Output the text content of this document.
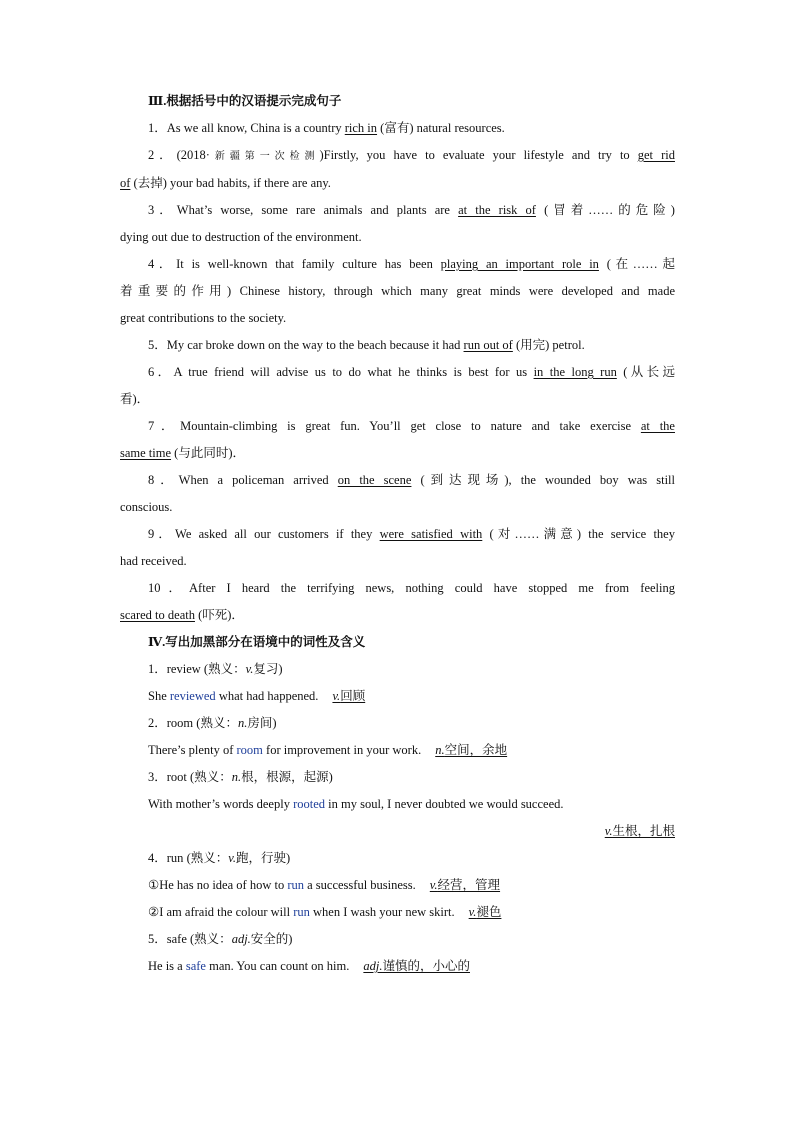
Ⅲ.根据括号中的汉语提示完成句子
1．As we all know, China is a country rich in (富有) natural resources.
2．(2018·新疆第一次检测)Firstly, you have to evaluate your lifestyle and try to get rid
of (去掉) your bad habits, if there are any.
3．What’s worse, some rare animals and plants are at the risk of (冒着……的危险)
dying out due to destruction of the environment.
4．It is well-known that family culture has been playing an important role in (在……起
着重要的作用) Chinese history, through which many great minds were developed and made
great contributions to the society.
5．My car broke down on the way to the beach because it had run out of (用完) petrol.
6．A true friend will advise us to do what he thinks is best for us in the long run (从长远
看)．
7．Mountain-climbing is great fun. You’ll get close to nature and take exercise at the
same time (与此同时)．
8．When a policeman arrived on the scene (到达现场), the wounded boy was still
conscious.
9．We asked all our customers if they were satisfied with (对……满意) the service they
had received.
10．After I heard the terrifying news, nothing could have stopped me from feeling
scared to death (吓死)．
Ⅳ.写出加黑部分在语境中的词性及含义
1．review (熟义：v.复习)
She reviewed what had happened. v.回顾
2．room (熟义：n.房间)
There’s plenty of room for improvement in your work. n.空间，余地
3．root (熟义：n.根，根源，起源)
With mother’s words deeply rooted in my soul, I never doubted we would succeed.
v.生根，扎根
4．run (熟义：v.跑，行驶)
①He has no idea of how to run a successful business. v.经营，管理
②I am afraid the colour will run when I wash your new skirt. v.褪色
5．safe (熟义：adj.安全的)
He is a safe man. You can count on him. adj.谨慎的，小心的
